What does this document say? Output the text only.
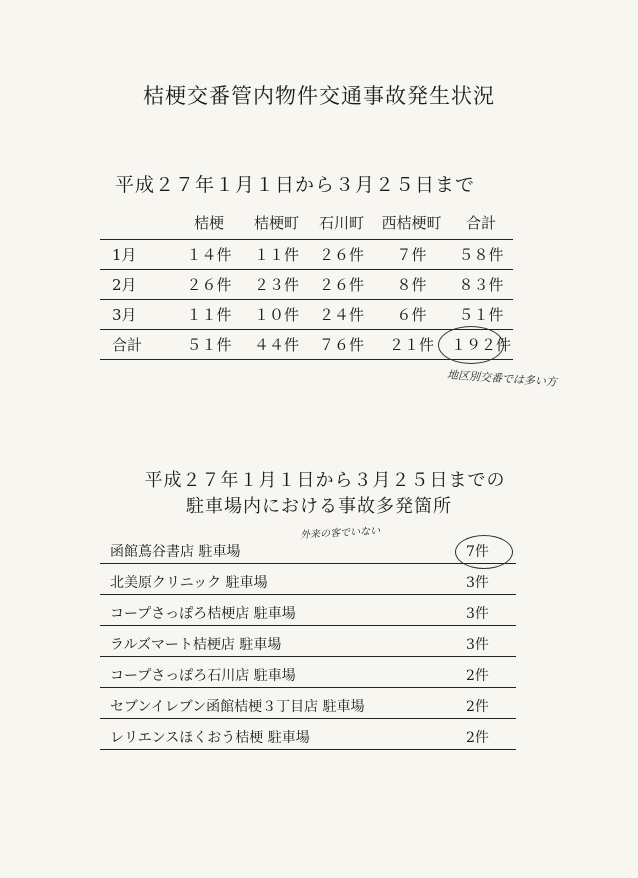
桔梗交番管内物件交通事故発生状況
平成２７年１月１日から３月２５日まで
	桔梗	桔梗町	石川町	西桔梗町	合計
1月	１４件	１１件	２６件	７件	５８件
2月	２６件	２３件	２６件	８件	８３件
3月	１１件	１０件	２４件	６件	５１件
合計	５１件	４４件	７６件	２１件	１９２件
地区別交番では多い方
平成２７年１月１日から３月２５日までの
駐車場内における事故多発箇所
外来の客でいない
函館蔦谷書店 駐車場	7件
北美原クリニック 駐車場	3件
コープさっぽろ桔梗店 駐車場	3件
ラルズマート桔梗店 駐車場	3件
コープさっぽろ石川店 駐車場	2件
セブンイレブン函館桔梗３丁目店 駐車場	2件
レリエンスほくおう桔梗 駐車場	2件
